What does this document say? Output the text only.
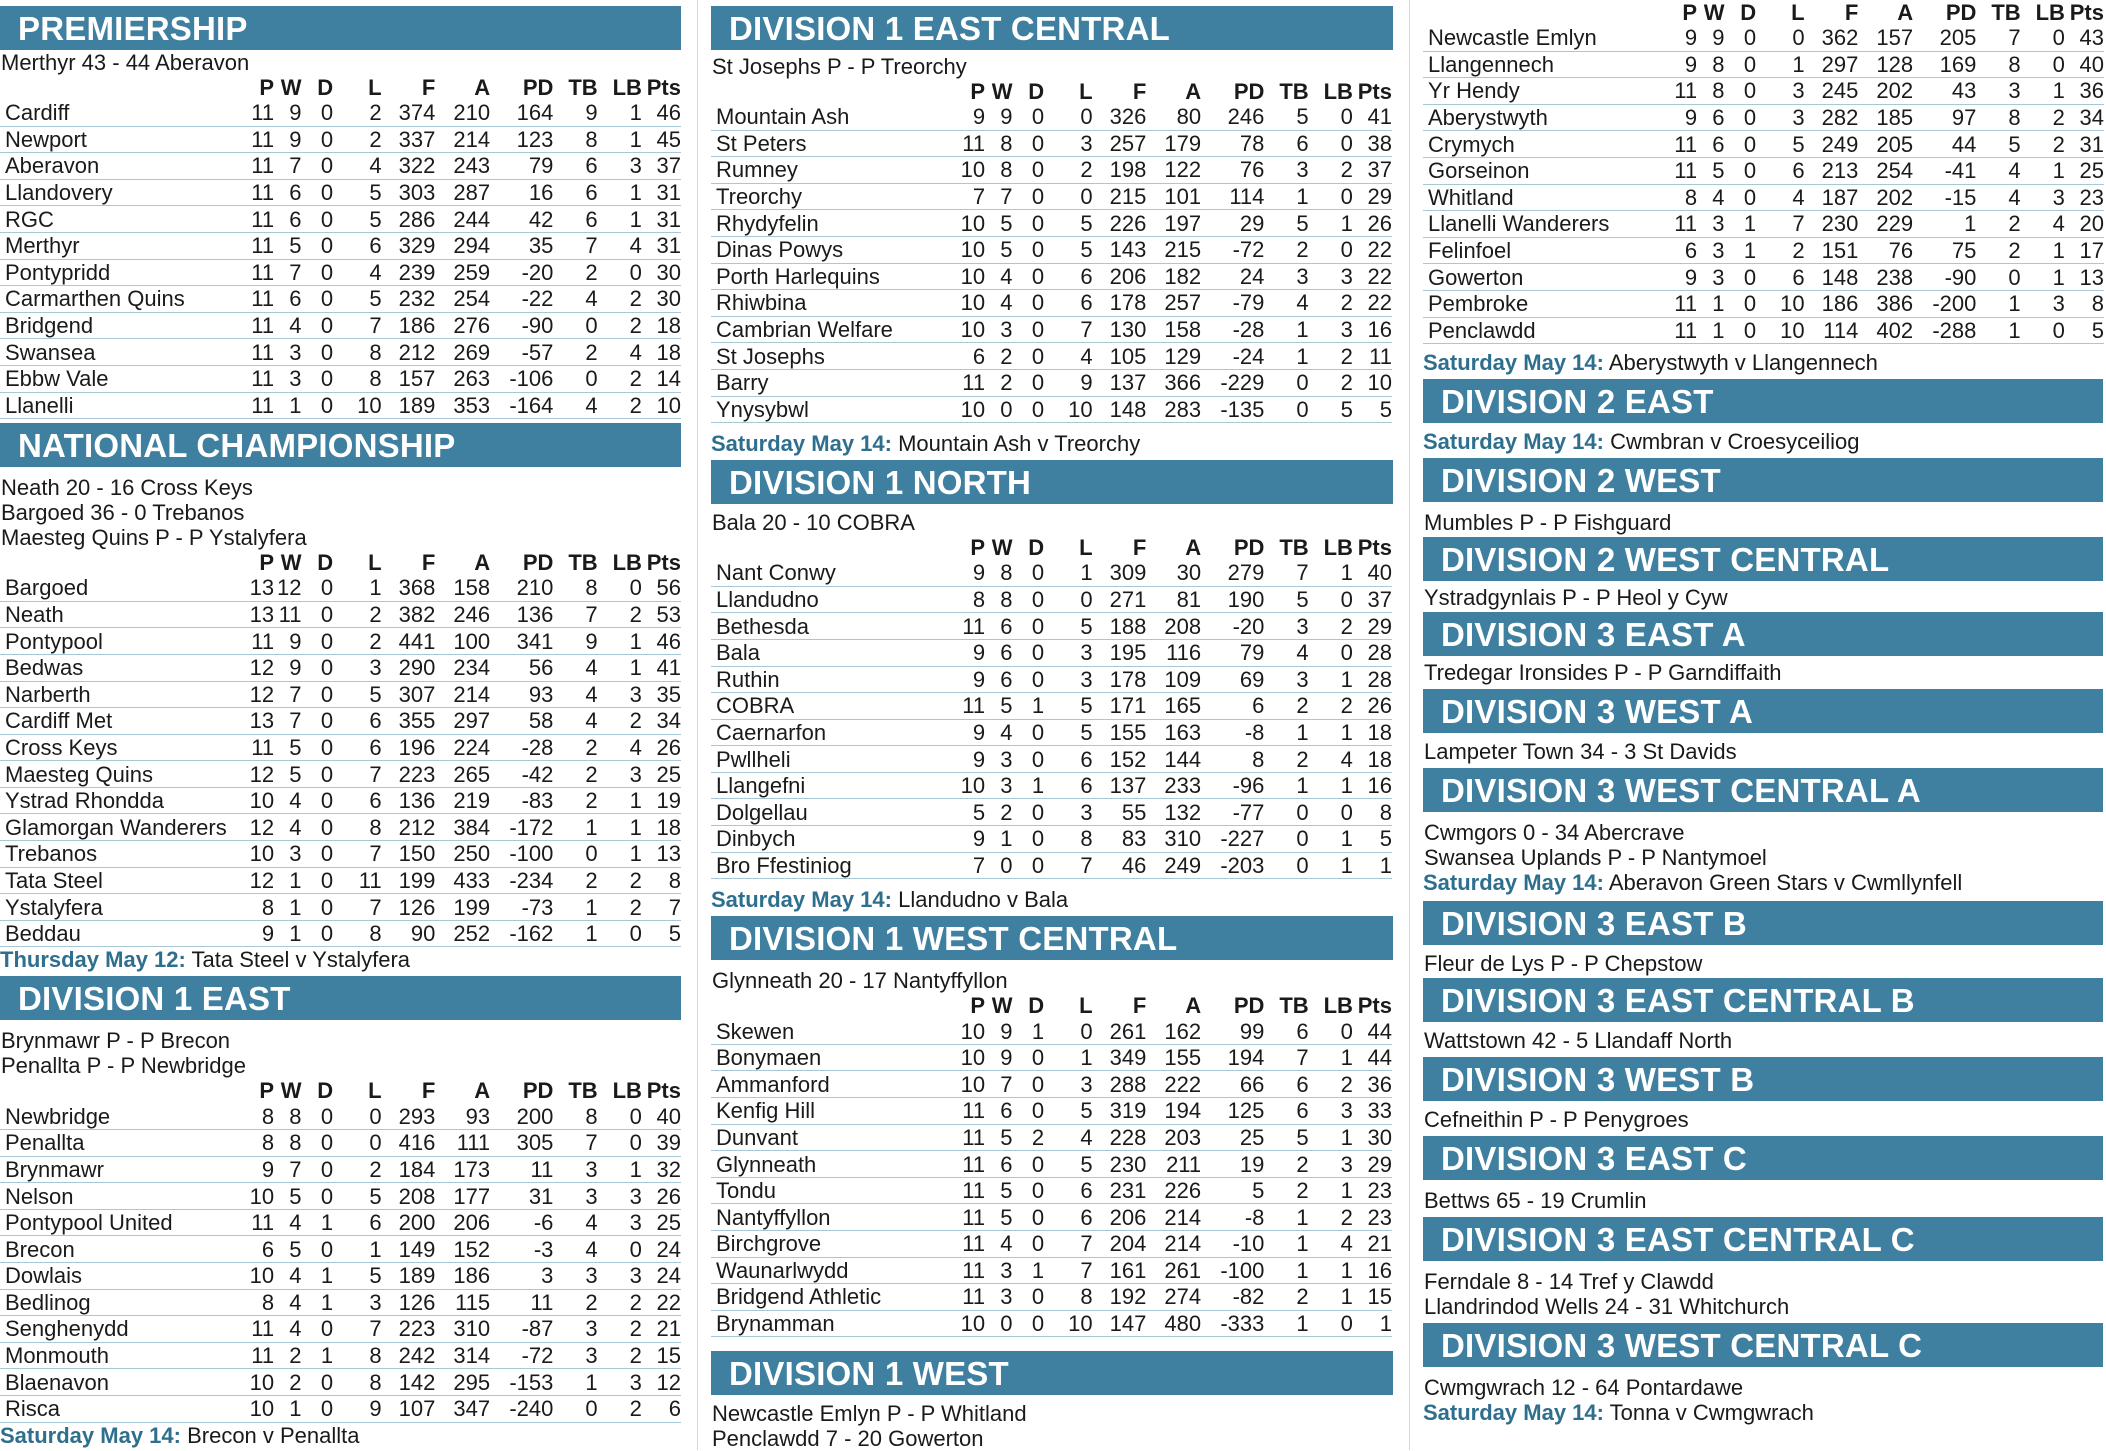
PREMIERSHIP
Merthyr 43 - 44 Aberavon
	P	W	D	L	F	A	PD	TB	LB	Pts
Cardiff	11	9	0	2	374	210	164	9	1	46
Newport	11	9	0	2	337	214	123	8	1	45
Aberavon	11	7	0	4	322	243	79	6	3	37
Llandovery	11	6	0	5	303	287	16	6	1	31
RGC	11	6	0	5	286	244	42	6	1	31
Merthyr	11	5	0	6	329	294	35	7	4	31
Pontypridd	11	7	0	4	239	259	-20	2	0	30
Carmarthen Quins	11	6	0	5	232	254	-22	4	2	30
Bridgend	11	4	0	7	186	276	-90	0	2	18
Swansea	11	3	0	8	212	269	-57	2	4	18
Ebbw Vale	11	3	0	8	157	263	-106	0	2	14
Llanelli	11	1	0	10	189	353	-164	4	2	10
NATIONAL CHAMPIONSHIP
Neath 20 - 16 Cross Keys
Bargoed 36 - 0 Trebanos
Maesteg Quins P - P Ystalyfera
	P	W	D	L	F	A	PD	TB	LB	Pts
Bargoed	13	12	0	1	368	158	210	8	0	56
Neath	13	11	0	2	382	246	136	7	2	53
Pontypool	11	9	0	2	441	100	341	9	1	46
Bedwas	12	9	0	3	290	234	56	4	1	41
Narberth	12	7	0	5	307	214	93	4	3	35
Cardiff Met	13	7	0	6	355	297	58	4	2	34
Cross Keys	11	5	0	6	196	224	-28	2	4	26
Maesteg Quins	12	5	0	7	223	265	-42	2	3	25
Ystrad Rhondda	10	4	0	6	136	219	-83	2	1	19
Glamorgan Wanderers	12	4	0	8	212	384	-172	1	1	18
Trebanos	10	3	0	7	150	250	-100	0	1	13
Tata Steel	12	1	0	11	199	433	-234	2	2	8
Ystalyfera	8	1	0	7	126	199	-73	1	2	7
Beddau	9	1	0	8	90	252	-162	1	0	5
Thursday May 12: Tata Steel v Ystalyfera
DIVISION 1 EAST
Brynmawr P - P Brecon
Penallta P - P Newbridge
	P	W	D	L	F	A	PD	TB	LB	Pts
Newbridge	8	8	0	0	293	93	200	8	0	40
Penallta	8	8	0	0	416	111	305	7	0	39
Brynmawr	9	7	0	2	184	173	11	3	1	32
Nelson	10	5	0	5	208	177	31	3	3	26
Pontypool United	11	4	1	6	200	206	-6	4	3	25
Brecon	6	5	0	1	149	152	-3	4	0	24
Dowlais	10	4	1	5	189	186	3	3	3	24
Bedlinog	8	4	1	3	126	115	11	2	2	22
Senghenydd	11	4	0	7	223	310	-87	3	2	21
Monmouth	11	2	1	8	242	314	-72	3	2	15
Blaenavon	10	2	0	8	142	295	-153	1	3	12
Risca	10	1	0	9	107	347	-240	0	2	6
Saturday May 14: Brecon v Penallta
DIVISION 1 EAST CENTRAL
St Josephs P - P Treorchy
	P	W	D	L	F	A	PD	TB	LB	Pts
Mountain Ash	9	9	0	0	326	80	246	5	0	41
St Peters	11	8	0	3	257	179	78	6	0	38
Rumney	10	8	0	2	198	122	76	3	2	37
Treorchy	7	7	0	0	215	101	114	1	0	29
Rhydyfelin	10	5	0	5	226	197	29	5	1	26
Dinas Powys	10	5	0	5	143	215	-72	2	0	22
Porth Harlequins	10	4	0	6	206	182	24	3	3	22
Rhiwbina	10	4	0	6	178	257	-79	4	2	22
Cambrian Welfare	10	3	0	7	130	158	-28	1	3	16
St Josephs	6	2	0	4	105	129	-24	1	2	11
Barry	11	2	0	9	137	366	-229	0	2	10
Ynysybwl	10	0	0	10	148	283	-135	0	5	5
Saturday May 14: Mountain Ash v Treorchy
DIVISION 1 NORTH
Bala 20 - 10 COBRA
	P	W	D	L	F	A	PD	TB	LB	Pts
Nant Conwy	9	8	0	1	309	30	279	7	1	40
Llandudno	8	8	0	0	271	81	190	5	0	37
Bethesda	11	6	0	5	188	208	-20	3	2	29
Bala	9	6	0	3	195	116	79	4	0	28
Ruthin	9	6	0	3	178	109	69	3	1	28
COBRA	11	5	1	5	171	165	6	2	2	26
Caernarfon	9	4	0	5	155	163	-8	1	1	18
Pwllheli	9	3	0	6	152	144	8	2	4	18
Llangefni	10	3	1	6	137	233	-96	1	1	16
Dolgellau	5	2	0	3	55	132	-77	0	0	8
Dinbych	9	1	0	8	83	310	-227	0	1	5
Bro Ffestiniog	7	0	0	7	46	249	-203	0	1	1
Saturday May 14: Llandudno v Bala
DIVISION 1 WEST CENTRAL
Glynneath 20 - 17 Nantyffyllon
	P	W	D	L	F	A	PD	TB	LB	Pts
Skewen	10	9	1	0	261	162	99	6	0	44
Bonymaen	10	9	0	1	349	155	194	7	1	44
Ammanford	10	7	0	3	288	222	66	6	2	36
Kenfig Hill	11	6	0	5	319	194	125	6	3	33
Dunvant	11	5	2	4	228	203	25	5	1	30
Glynneath	11	6	0	5	230	211	19	2	3	29
Tondu	11	5	0	6	231	226	5	2	1	23
Nantyffyllon	11	5	0	6	206	214	-8	1	2	23
Birchgrove	11	4	0	7	204	214	-10	1	4	21
Waunarlwydd	11	3	1	7	161	261	-100	1	1	16
Bridgend Athletic	11	3	0	8	192	274	-82	2	1	15
Brynamman	10	0	0	10	147	480	-333	1	0	1
DIVISION 1 WEST
Newcastle Emlyn P - P Whitland
Penclawdd 7 - 20 Gowerton
	P	W	D	L	F	A	PD	TB	LB	Pts
Newcastle Emlyn	9	9	0	0	362	157	205	7	0	43
Llangennech	9	8	0	1	297	128	169	8	0	40
Yr Hendy	11	8	0	3	245	202	43	3	1	36
Aberystwyth	9	6	0	3	282	185	97	8	2	34
Crymych	11	6	0	5	249	205	44	5	2	31
Gorseinon	11	5	0	6	213	254	-41	4	1	25
Whitland	8	4	0	4	187	202	-15	4	3	23
Llanelli Wanderers	11	3	1	7	230	229	1	2	4	20
Felinfoel	6	3	1	2	151	76	75	2	1	17
Gowerton	9	3	0	6	148	238	-90	0	1	13
Pembroke	11	1	0	10	186	386	-200	1	3	8
Penclawdd	11	1	0	10	114	402	-288	1	0	5
Saturday May 14: Aberystwyth v Llangennech
DIVISION 2 EAST
Saturday May 14: Cwmbran v Croesyceiliog
DIVISION 2 WEST
Mumbles P - P Fishguard
DIVISION 2 WEST CENTRAL
Ystradgynlais P - P Heol y Cyw
DIVISION 3 EAST A
Tredegar Ironsides P - P Garndiffaith
DIVISION 3 WEST A
Lampeter Town 34 - 3 St Davids
DIVISION 3 WEST CENTRAL A
Cwmgors 0 - 34 Abercrave
Swansea Uplands P - P Nantymoel
Saturday May 14: Aberavon Green Stars v Cwmllynfell
DIVISION 3 EAST B
Fleur de Lys P - P Chepstow
DIVISION 3 EAST CENTRAL B
Wattstown 42 - 5 Llandaff North
DIVISION 3 WEST B
Cefneithin P - P Penygroes
DIVISION 3 EAST C
Bettws 65 - 19 Crumlin
DIVISION 3 EAST CENTRAL C
Ferndale 8 - 14 Tref y Clawdd
Llandrindod Wells 24 - 31 Whitchurch
DIVISION 3 WEST CENTRAL C
Cwmgwrach 12 - 64 Pontardawe
Saturday May 14: Tonna v Cwmgwrach
